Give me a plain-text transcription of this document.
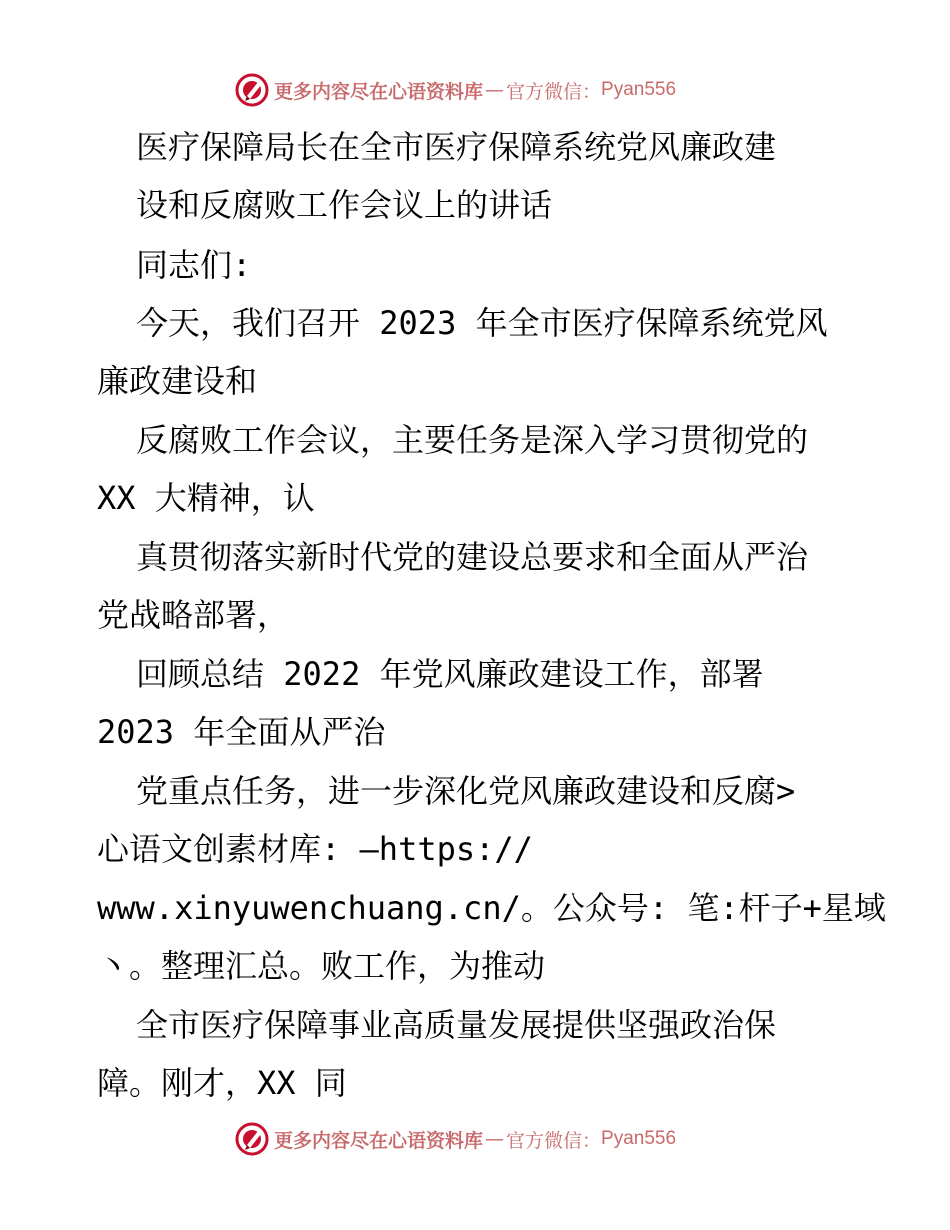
更多内容尽在心语资料库 — 官方微信： Pyan556

医疗保障局长在全市医疗保障系统党风廉政建

设和反腐败工作会议上的讲话

同志们:

今天，我们召开 2023 年全市医疗保障系统党风

廉政建设和

反腐败工作会议，主要任务是深入学习贯彻党的

XX 大精神，认

真贯彻落实新时代党的建设总要求和全面从严治

党战略部署，

回顾总结 2022 年党风廉政建设工作，部署

2023 年全面从严治

党重点任务，进一步深化党风廉政建设和反腐>

心语文创素材库: —https://

www.xinyuwenchuang.cn/。公众号: 笔:杆子+星域

丶。整理汇总。败工作，为推动

全市医疗保障事业高质量发展提供坚强政治保

障。刚才，XX 同

更多内容尽在心语资料库 — 官方微信： Pyan556
